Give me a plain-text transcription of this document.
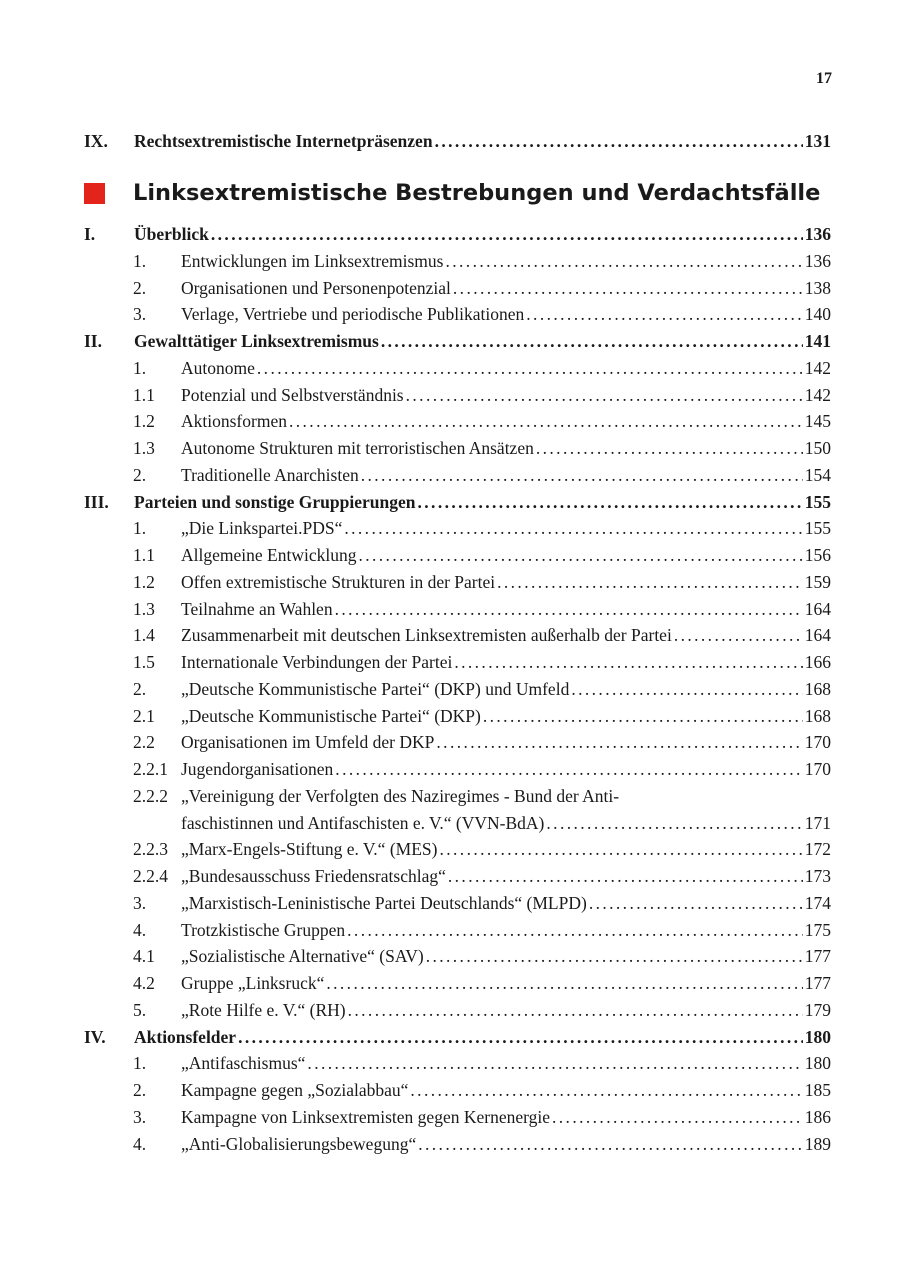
17
IX.	Rechtsextremistische Internetpräsenzen .....	131
Linksextremistische Bestrebungen und Verdachtsfälle
I.	Überblick .....	136
1.	Entwicklungen im Linksextremismus .....	136
2.	Organisationen und Personenpotenzial .....	138
3.	Verlage, Vertriebe und periodische Publikationen .....	140
II.	Gewalttätiger Linksextremismus .....	141
1.	Autonome .....	142
1.1	Potenzial und Selbstverständnis .....	142
1.2	Aktionsformen .....	145
1.3	Autonome Strukturen mit terroristischen Ansätzen .....	150
2.	Traditionelle Anarchisten .....	154
III.	Parteien und sonstige Gruppierungen .....	155
1.	„Die Linkspartei.PDS“ .....	155
1.1	Allgemeine Entwicklung .....	156
1.2	Offen extremistische Strukturen in der Partei .....	159
1.3	Teilnahme an Wahlen .....	164
1.4	Zusammenarbeit mit deutschen Linksextremisten außerhalb der Partei .....	164
1.5	Internationale Verbindungen der Partei .....	166
2.	„Deutsche Kommunistische Partei“ (DKP) und Umfeld .....	168
2.1	„Deutsche Kommunistische Partei“ (DKP) .....	168
2.2	Organisationen im Umfeld der DKP .....	170
2.2.1 Jugendorganisationen .....	170
2.2.2 „Vereinigung der Verfolgten des Naziregimes - Bund der Anti-
faschistinnen und Antifaschisten e. V.“ (VVN-BdA) .....	171
2.2.3 „Marx-Engels-Stiftung e. V.“ (MES) .....	172
2.2.4 „Bundesausschuss Friedensratschlag“ .....	173
3.	„Marxistisch-Leninistische Partei Deutschlands“ (MLPD) .....	174
4.	Trotzkistische Gruppen .....	175
4.1	„Sozialistische Alternative“ (SAV) .....	177
4.2	Gruppe „Linksruck“ .....	177
5.	„Rote Hilfe e. V.“ (RH) .....	179
IV.	Aktionsfelder .....	180
1.	„Antifaschismus“ .....	180
2.	Kampagne gegen „Sozialabbau“ .....	185
3.	Kampagne von Linksextremisten gegen Kernenergie .....	186
4.	„Anti-Globalisierungsbewegung“ .....	189
